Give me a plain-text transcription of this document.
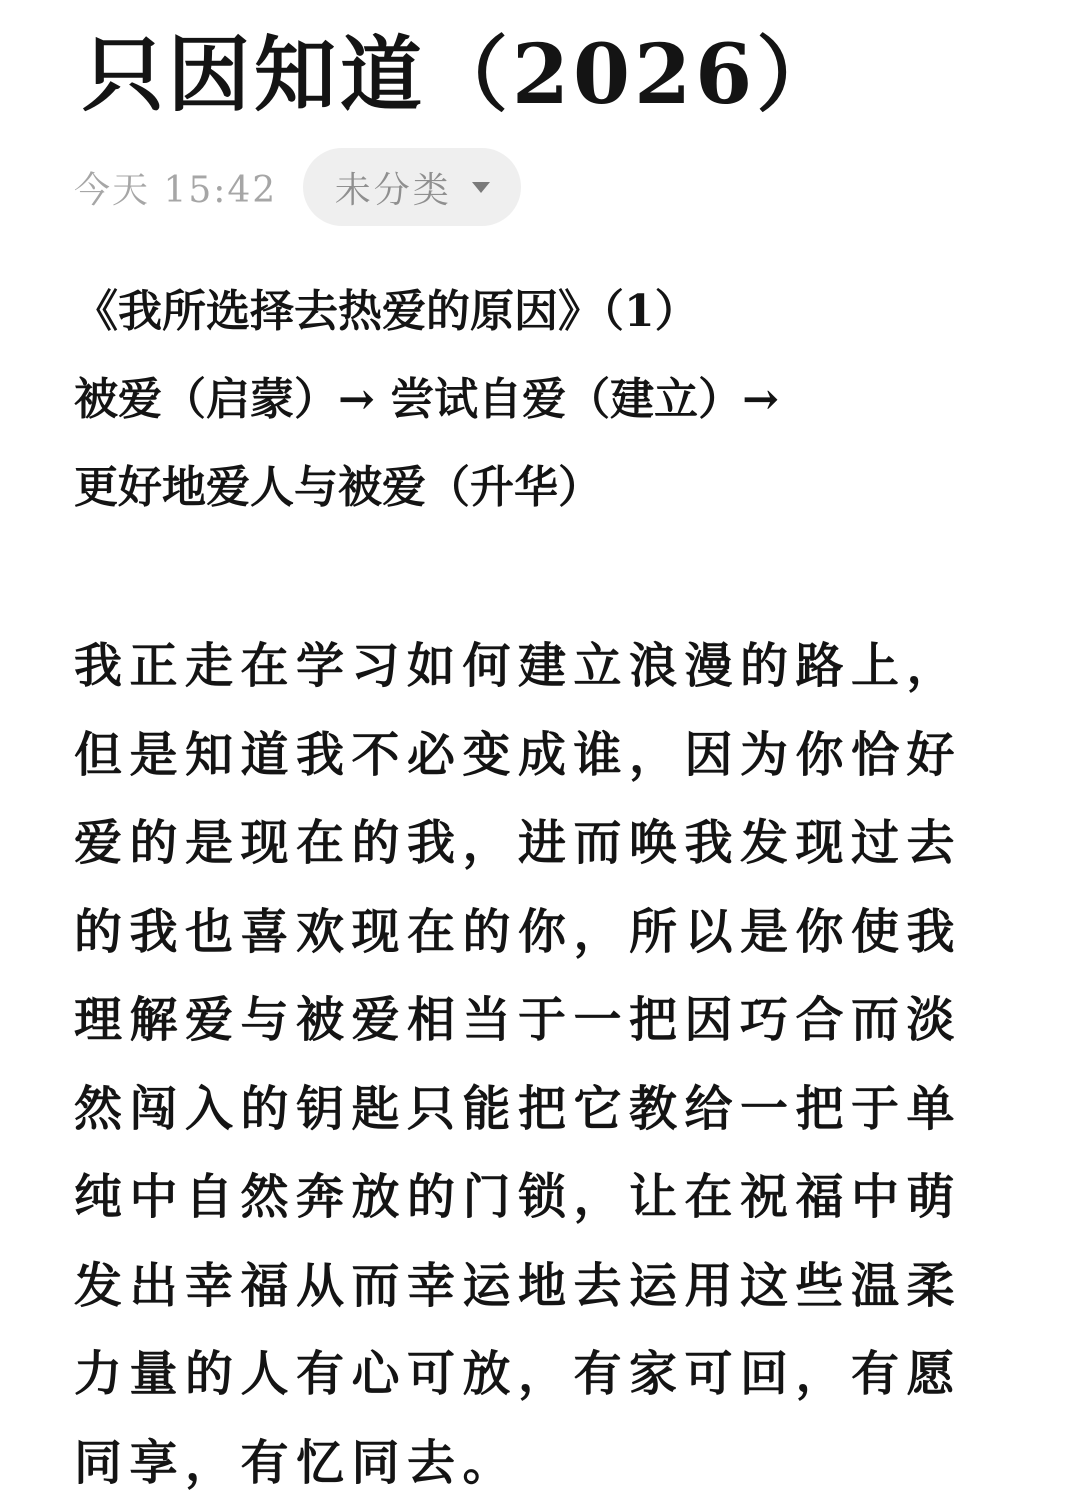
只因知道（2026）
今天 15:42 未分类
《我所选择去热爱的原因》（1）
被爱（启蒙）→ 尝试自爱（建立）→
更好地爱人与被爱（升华）
我正走在学习如何建立浪漫的路上，但是知道我不必变成谁，因为你恰好爱的是现在的我，进而唤我发现过去的我也喜欢现在的你，所以是你使我理解爱与被爱相当于一把因巧合而淡然闯入的钥匙只能把它教给一把于单纯中自然奔放的门锁，让在祝福中萌发出幸福从而幸运地去运用这些温柔力量的人有心可放，有家可回，有愿同享，有忆同去。
